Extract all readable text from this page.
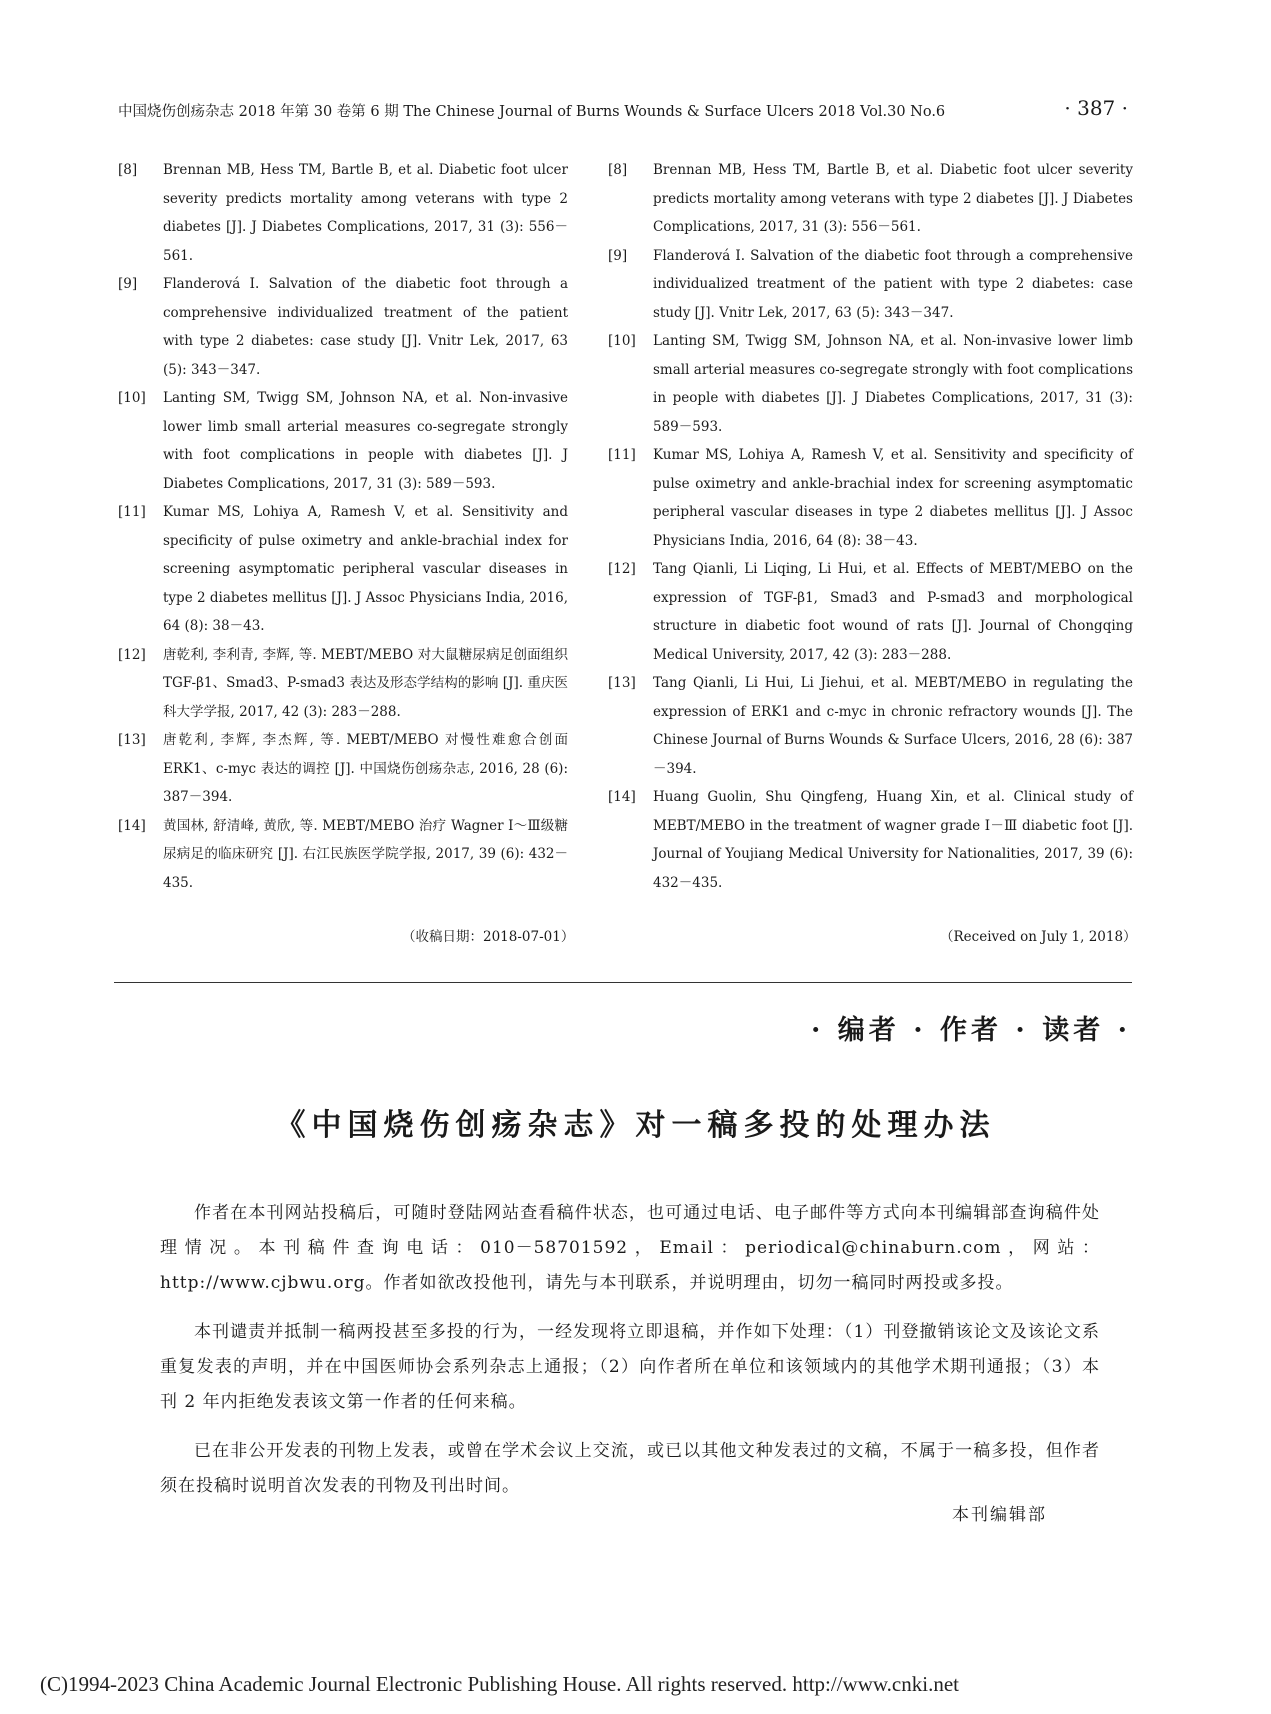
中国烧伤创疡杂志 2018 年第 30 卷第 6 期 The Chinese Journal of Burns Wounds & Surface Ulcers 2018 Vol.30 No.6	· 387 ·

[8] Brennan MB, Hess TM, Bartle B, et al. Diabetic foot ulcer severity predicts mortality among veterans with type 2 diabetes [J]. J Diabetes Complications, 2017, 31 (3): 556－561.

[9] Flanderová I. Salvation of the diabetic foot through a comprehensive individualized treatment of the patient with type 2 diabetes: case study [J]. Vnitr Lek, 2017, 63 (5): 343－347.

[10] Lanting SM, Twigg SM, Johnson NA, et al. Non-invasive lower limb small arterial measures co-segregate strongly with foot complications in people with diabetes [J]. J Diabetes Complications, 2017, 31 (3): 589－593.

[11] Kumar MS, Lohiya A, Ramesh V, et al. Sensitivity and specificity of pulse oximetry and ankle-brachial index for screening asymptomatic peripheral vascular diseases in type 2 diabetes mellitus [J]. J Assoc Physicians India, 2016, 64 (8): 38－43.

[12] 唐乾利, 李利青, 李辉, 等. MEBT/MEBO 对大鼠糖尿病足创面组织 TGF-β1、Smad3、P-smad3 表达及形态学结构的影响 [J]. 重庆医科大学学报, 2017, 42 (3): 283－288.

[13] 唐乾利, 李辉, 李杰辉, 等. MEBT/MEBO 对慢性难愈合创面 ERK1、c-myc 表达的调控 [J]. 中国烧伤创疡杂志, 2016, 28 (6): 387－394.

[14] 黄国林, 舒清峰, 黄欣, 等. MEBT/MEBO 治疗 Wagner Ⅰ～Ⅲ级糖尿病足的临床研究 [J]. 右江民族医学院学报, 2017, 39 (6): 432－435.

[8] Brennan MB, Hess TM, Bartle B, et al. Diabetic foot ulcer severity predicts mortality among veterans with type 2 diabetes [J]. J Diabetes Complications, 2017, 31 (3): 556－561.

[9] Flanderová I. Salvation of the diabetic foot through a comprehensive individualized treatment of the patient with type 2 diabetes: case study [J]. Vnitr Lek, 2017, 63 (5): 343－347.

[10] Lanting SM, Twigg SM, Johnson NA, et al. Non-invasive lower limb small arterial measures co-segregate strongly with foot complications in people with diabetes [J]. J Diabetes Complications, 2017, 31 (3): 589－593.

[11] Kumar MS, Lohiya A, Ramesh V, et al. Sensitivity and specificity of pulse oximetry and ankle-brachial index for screening asymptomatic peripheral vascular diseases in type 2 diabetes mellitus [J]. J Assoc Physicians India, 2016, 64 (8): 38－43.

[12] Tang Qianli, Li Liqing, Li Hui, et al. Effects of MEBT/MEBO on the expression of TGF-β1, Smad3 and P-smad3 and morphological structure in diabetic foot wound of rats [J]. Journal of Chongqing Medical University, 2017, 42 (3): 283－288.

[13] Tang Qianli, Li Hui, Li Jiehui, et al. MEBT/MEBO in regulating the expression of ERK1 and c-myc in chronic refractory wounds [J]. The Chinese Journal of Burns Wounds & Surface Ulcers, 2016, 28 (6): 387－394.

[14] Huang Guolin, Shu Qingfeng, Huang Xin, et al. Clinical study of MEBT/MEBO in the treatment of wagner grade Ⅰ－Ⅲ diabetic foot [J]. Journal of Youjiang Medical University for Nationalities, 2017, 39 (6): 432－435.

（收稿日期：2018-07-01）	（Received on July 1, 2018）
· 编者 · 作者 · 读者 ·
《中国烧伤创疡杂志》对一稿多投的处理办法

作者在本刊网站投稿后，可随时登陆网站查看稿件状态，也可通过电话、电子邮件等方式向本刊编辑部查询稿件处理情况。本刊稿件查询电话：010－58701592，Email：periodical@chinaburn.com，网站：http://www.cjbwu.org。作者如欲改投他刊，请先与本刊联系，并说明理由，切勿一稿同时两投或多投。

本刊谴责并抵制一稿两投甚至多投的行为，一经发现将立即退稿，并作如下处理：（1）刊登撤销该论文及该论文系重复发表的声明，并在中国医师协会系列杂志上通报；（2）向作者所在单位和该领域内的其他学术期刊通报；（3）本刊 2 年内拒绝发表该文第一作者的任何来稿。

已在非公开发表的刊物上发表，或曾在学术会议上交流，或已以其他文种发表过的文稿，不属于一稿多投，但作者须在投稿时说明首次发表的刊物及刊出时间。

本刊编辑部
(C)1994-2023 China Academic Journal Electronic Publishing House. All rights reserved. http://www.cnki.net
